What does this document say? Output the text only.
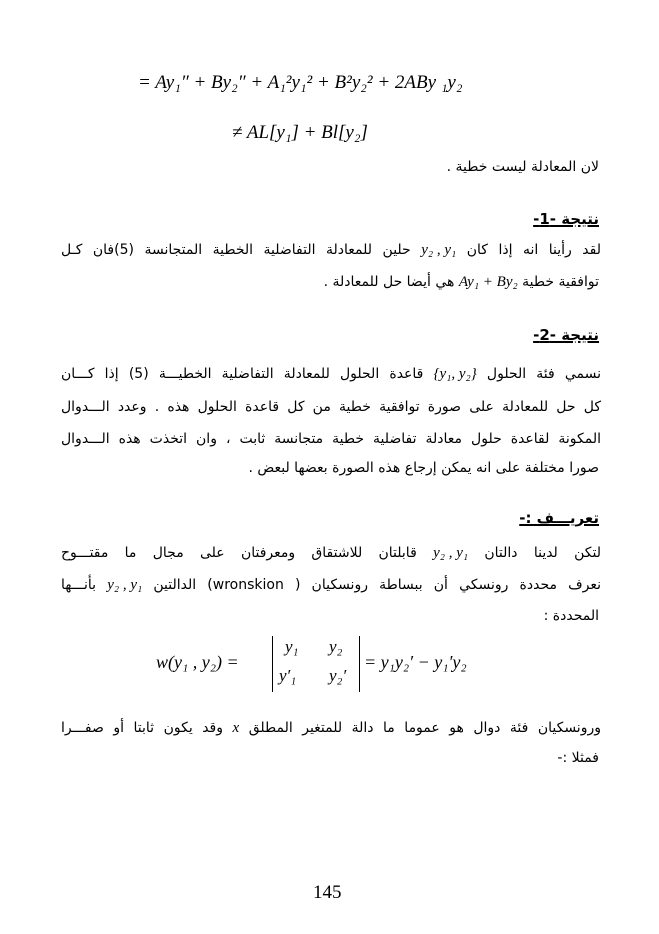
= Ay₁″ + By₂″ + A₁²y₁² + B²y₂² + 2ABy ₁y₂
≠ AL[y₁] + Bl[y₂]
لان المعادلة ليست خطية .
نتيجة -1-
لقد رأينا انه إذا كان y₂ , y₁ حلين للمعادلة التفاضلية الخطية المتجانسة (5)فان كـل
توافقية خطية Ay₁ + By₂ هي أيضا حل للمعادلة .
نتيجة -2-
نسمي فئة الحلول {y₁, y₂} قاعدة الحلول للمعادلة التفاضلية الخطيـــة (5) إذا كـــان
كل حل للمعادلة على صورة توافقية خطية من كل قاعدة الحلول هذه . وعدد الـــدوال
المكونة لقاعدة حلول معادلة تفاضلية خطية متجانسة ثابت ، وان اتخذت هذه الـــدوال
صورا مختلفة على انه يمكن إرجاع هذه الصورة بعضها لبعض .
تعريـــف :-
لتكن لدينا دالتان y₂ , y₁ قابلتان للاشتقاق ومعرفتان على مجال ما مقتـــوح
نعرف محددة رونسكي أن ببساطة رونسكيان ( wronskion) الدالتين y₂ , y₁ بأنـــها
المحددة :
w(y₁ , y₂) =
y₁ y₂
y′₁ y₂′
= y₁y₂′ − y₁′y₂
ورونسكيان فئة دوال هو عموما ما دالة للمتغير المطلق x وقد يكون ثابتا أو صفـــرا
فمثلا :-
145
